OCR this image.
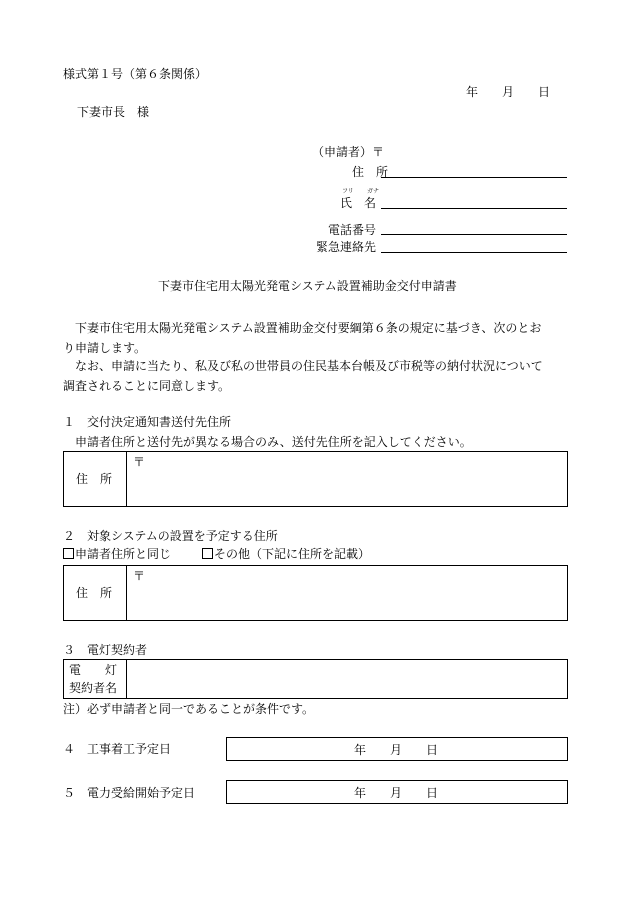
様式第１号（第６条関係）
年　　月　　日
下妻市長　様
（申請者）〒
住　所
フリ ガナ
氏　名
電話番号
緊急連絡先
下妻市住宅用太陽光発電システム設置補助金交付申請書
下妻市住宅用太陽光発電システム設置補助金交付要綱第６条の規定に基づき、次のとお
り申請します。
なお、申請に当たり、私及び私の世帯員の住民基本台帳及び市税等の納付状況について
調査されることに同意します。
１　交付決定通知書送付先住所
申請者住所と送付先が異なる場合のみ、送付先住所を記入してください。
住　所
〒
２　対象システムの設置を予定する住所
申請者住所と同じ	その他（下記に住所を記載）
住　所
〒
３　電灯契約者
電　　灯
契約者名
注）必ず申請者と同一であることが条件です。
４　工事着工予定日	年　　月　　日
５　電力受給開始予定日	年　　月　　日
